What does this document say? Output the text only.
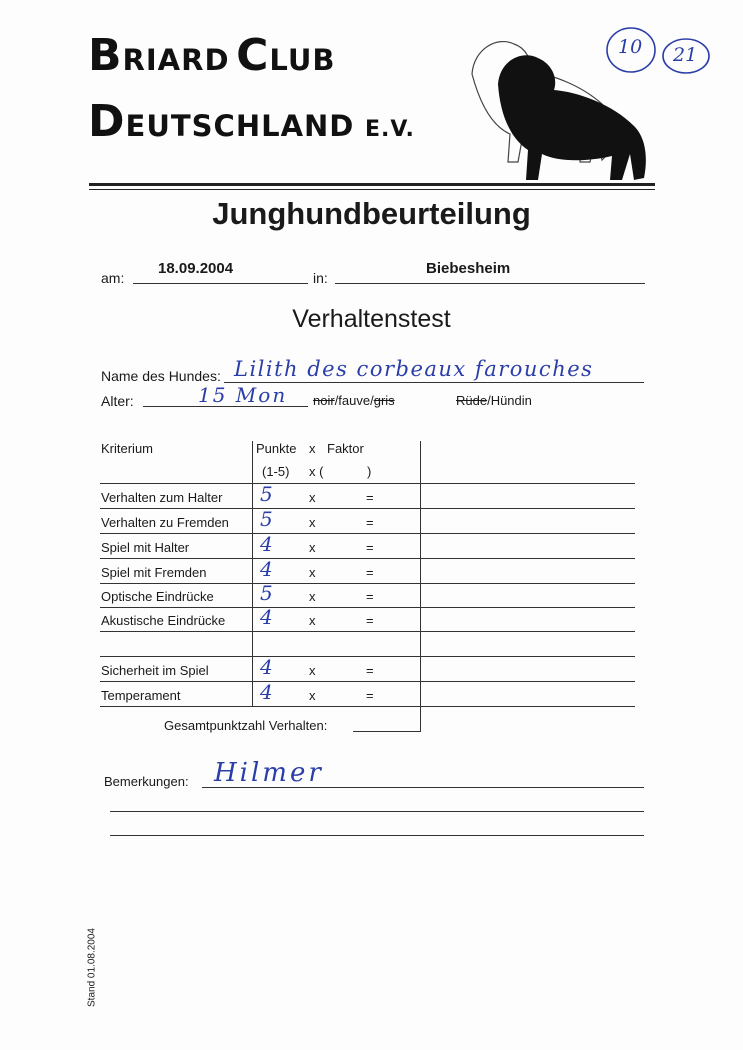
BRIARD CLUB
DEUTSCHLAND E.V.
10 21
Junghundbeurteilung
am:
18.09.2004
in:
Biebesheim
Verhaltenstest
Name des Hundes: Lilith des corbeaux farouches
Alter:	15 Mon noir/fauve/gris	Rüde/Hündin
Kriterium	Punkte x Faktor
(1-5) x (	)
Verhalten zum Halter 5	x	=
Verhalten zu Fremden 5	x	=
Spiel mit Halter	4	x	=
Spiel mit Fremden	4	x	=
Optische Eindrücke 5	x	=
Akustische Eindrücke 4	x	=
Sicherheit im Spiel	4	x	=
Temperament	4	x	=
Gesamtpunktzahl Verhalten:
Bemerkungen: Hilmer
Stand 01.08.2004
